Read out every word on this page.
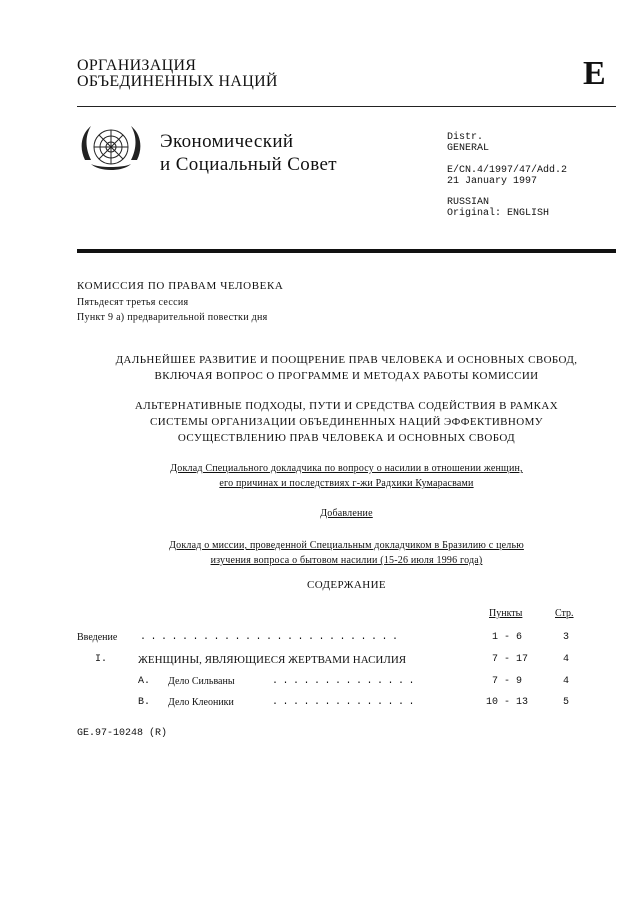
ОРГАНИЗАЦИЯ
ОБЪЕДИНЕННЫХ НАЦИЙ	E
Экономический
и Социальный Совет
Distr.
GENERAL
E/CN.4/1997/47/Add.2
21 January 1997
RUSSIAN
Original: ENGLISH
КОМИССИЯ ПО ПРАВАМ ЧЕЛОВЕКА
Пятьдесят третья сессия
Пункт 9 а) предварительной повестки дня
ДАЛЬНЕЙШЕЕ РАЗВИТИЕ И ПООЩРЕНИЕ ПРАВ ЧЕЛОВЕКА И ОСНОВНЫХ СВОБОД,
ВКЛЮЧАЯ ВОПРОС О ПРОГРАММЕ И МЕТОДАХ РАБОТЫ КОМИССИИ
АЛЬТЕРНАТИВНЫЕ ПОДХОДЫ, ПУТИ И СРЕДСТВА СОДЕЙСТВИЯ В РАМКАХ
СИСТЕМЫ ОРГАНИЗАЦИИ ОБЪЕДИНЕННЫХ НАЦИЙ ЭФФЕКТИВНОМУ
ОСУЩЕСТВЛЕНИЮ ПРАВ ЧЕЛОВЕКА И ОСНОВНЫХ СВОБОД
Доклад Специального докладчика по вопросу о насилии в отношении женщин,
его причинах и последствиях г-жи Радхики Кумарасвами
Добавление
Доклад о миссии, проведенной Специальным докладчиком в Бразилию с целью
изучения вопроса о бытовом насилии (15-26 июля 1996 года)
СОДЕРЖАНИЕ
Пункты	Стр.
Введение .........................	1 - 6	3
I.	ЖЕНЩИНЫ, ЯВЛЯЮЩИЕСЯ ЖЕРТВАМИ НАСИЛИЯ	7 - 17	4
A. Дело Сильваны	..............	7 - 9	4
B. Дело Клеоники	..............	10 - 13	5
GE.97-10248 (R)
